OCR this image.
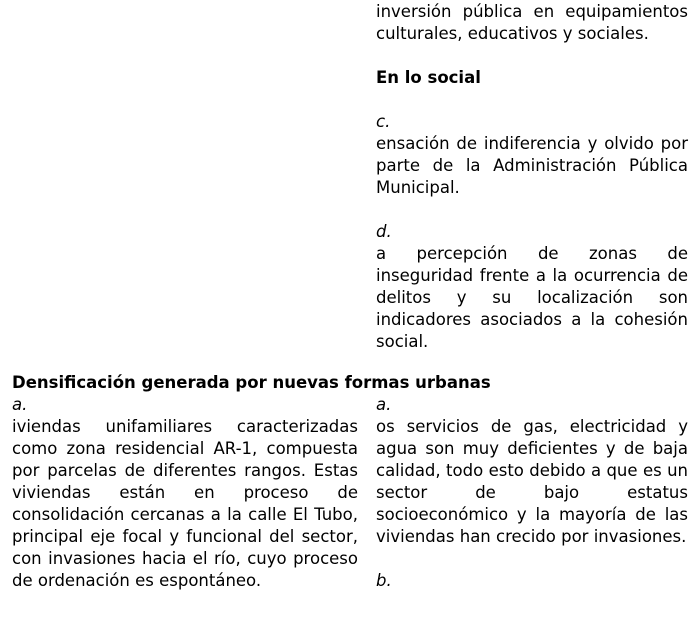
inversión pública en equipamientos culturales, educativos y sociales.

En lo social

c.

ensación de indiferencia y olvido por parte de la Administración Pública Municipal.

d.

a percepción de zonas de inseguridad frente a la ocurrencia de delitos y su localización son indicadores asociados a la cohesión social.

Densificación generada por nuevas formas urbanas

a.

iviendas unifamiliares caracterizadas como zona residencial AR-1, compuesta por parcelas de diferentes rangos. Estas viviendas están en proceso de consolidación cercanas a la calle El Tubo, principal eje focal y funcional del sector, con invasiones hacia el río, cuyo proceso de ordenación es espontáneo.

a.

os servicios de gas, electricidad y agua son muy deficientes y de baja calidad, todo esto debido a que es un sector de bajo estatus socioeconómico y la mayoría de las viviendas han crecido por invasiones.

b.
